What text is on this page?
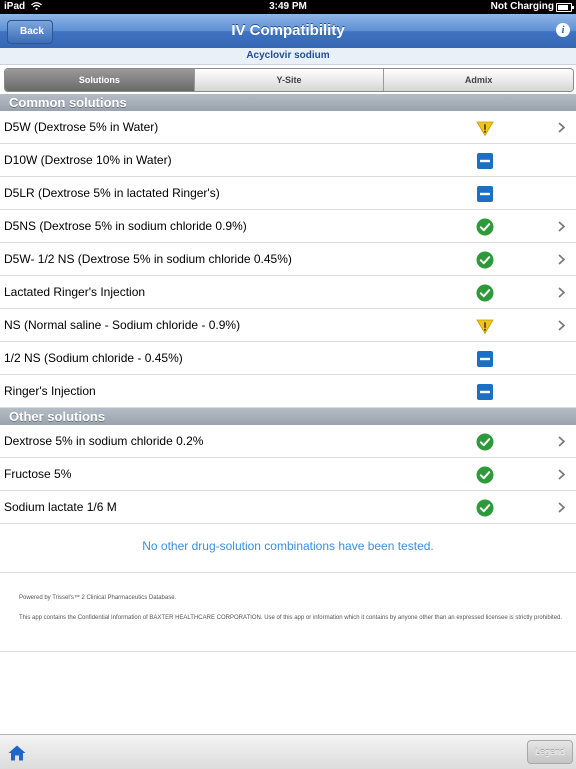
iPad	3:49 PM	Not Charging
Back	IV Compatibility	i
Acyclovir sodium
Solutions	Y-Site	Admix
Common solutions
D5W (Dextrose 5% in Water)
D10W (Dextrose 10% in Water)
D5LR (Dextrose 5% in lactated Ringer's)
D5NS (Dextrose 5% in sodium chloride 0.9%)
D5W- 1/2 NS (Dextrose 5% in sodium chloride 0.45%)
Lactated Ringer's Injection
NS (Normal saline - Sodium chloride - 0.9%)
1/2 NS (Sodium chloride - 0.45%)
Ringer's Injection
Other solutions
Dextrose 5% in sodium chloride 0.2%
Fructose 5%
Sodium lactate 1/6 M
No other drug-solution combinations have been tested.
Powered by Trissel's™ 2 Clinical Pharmaceutics Database.
This app contains the Confidential Information of BAXTER HEALTHCARE CORPORATION. Use of this app or information which it contains by anyone other than an expressed licensee is strictly prohibited.
Legend
